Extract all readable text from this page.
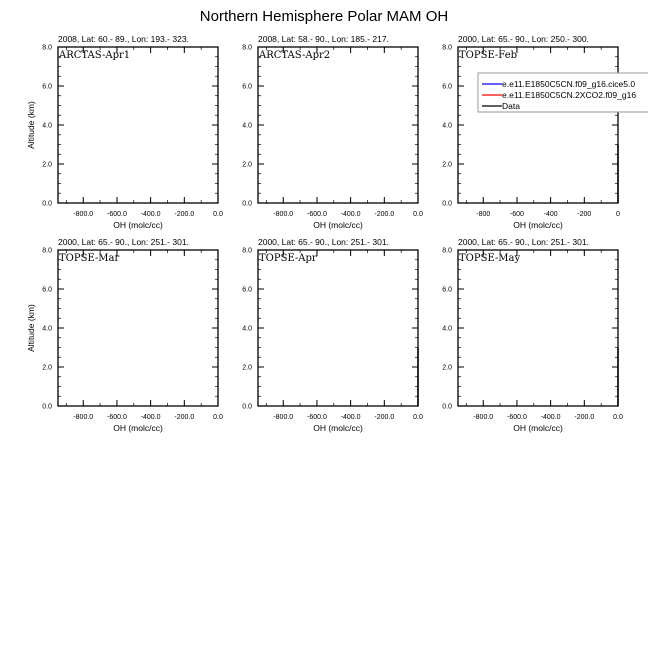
Northern Hemisphere Polar MAM OH
2008, Lat: 60.- 89., Lon: 193.- 323.
-800.0 -600.0 -400.0 -200.0	0.0
0.0
2.0
4.0
6.0
8.0
ARCTAS-Apr1
OH (molc/cc)
Altitude (km)
2008, Lat: 58.- 90., Lon: 185.- 217.
-800.0 -600.0 -400.0 -200.0	0.0
0.0
2.0
4.0
6.0
8.0
ARCTAS-Apr2
OH (molc/cc)
2000, Lat: 65.- 90., Lon: 250.- 300.
-800	-600	-400	-200	0
0.0
2.0
4.0
6.0
8.0
TOPSE-Feb
OH (molc/cc)
2000, Lat: 65.- 90., Lon: 251.- 301.
-800.0 -600.0 -400.0 -200.0	0.0
0.0
2.0
4.0
6.0
8.0
TOPSE-Mar
OH (molc/cc)
Altitude (km)
2000, Lat: 65.- 90., Lon: 251.- 301.
-800.0 -600.0 -400.0 -200.0	0.0
0.0
2.0
4.0
6.0
8.0
TOPSE-Apr
OH (molc/cc)
2000, Lat: 65.- 90., Lon: 251.- 301.
-800.0 -600.0 -400.0 -200.0	0.0
0.0
2.0
4.0
6.0
8.0
TOPSE-May
OH (molc/cc)
e.e11.E1850C5CN.f09_g16.cice5.0
e.e11.E1850C5CN.2XCO2.f09_g16
Data
